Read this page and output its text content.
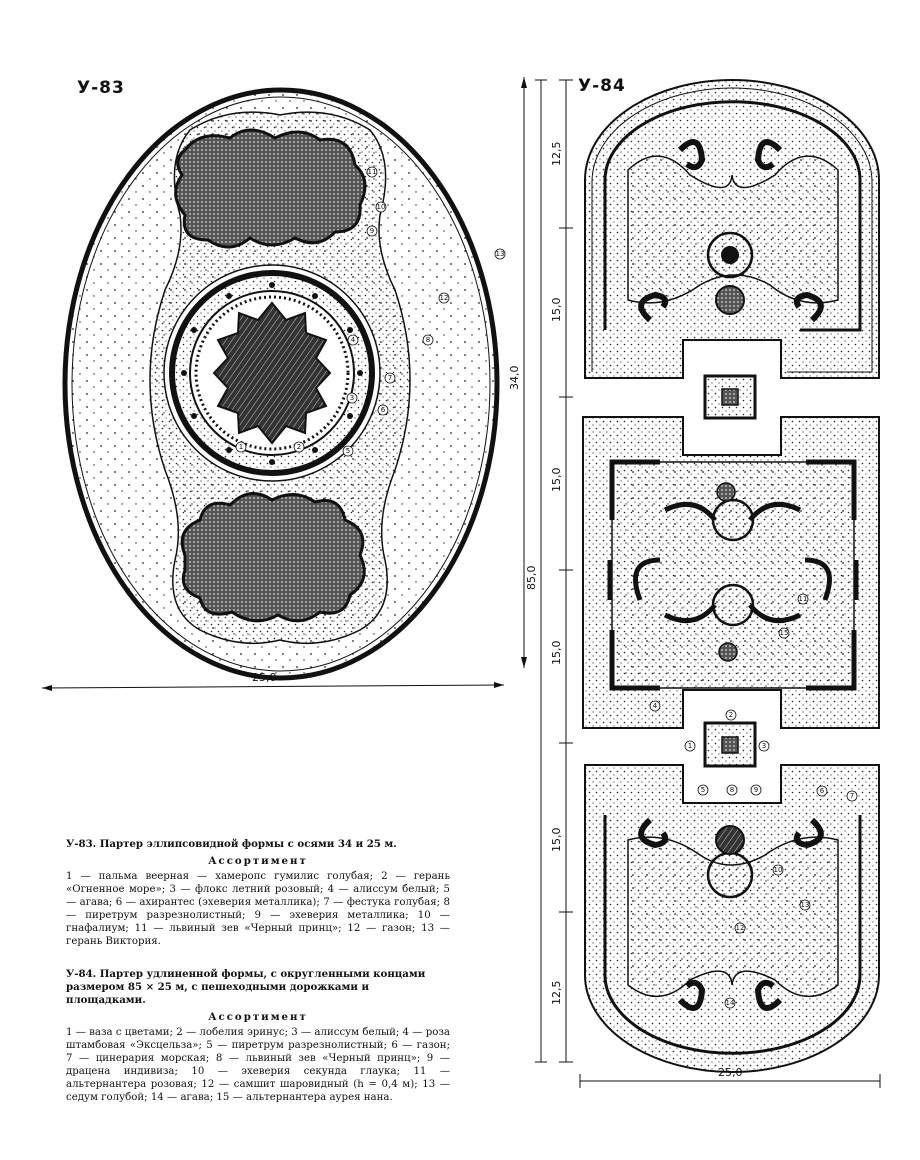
У-83	У-84
1	2
3
4
5
6
7
8
9
10
11
12
13
25,0
34,0
1
2
3
4
5	6
7
8	9
10
11
12
13
14
15
12,5
15,0
15,0
15,0
15,0
12,5
85,0
25,0
У-83. Партер эллипсовидной формы с осями 34 и 25 м.
Ассортимент
1 — пальма веерная — хамеропс гумилис голубая; 2 — герань «Огненное море»; 3 — флокс летний розовый; 4 — алиссум белый; 5 — агава; 6 — ахирантес (эхеверия металлика); 7 — фестука голубая; 8 — пиретрум разрезнолистный; 9 — эхеверия металлика; 10 — гнафалиум; 11 — львиный зев «Черный принц»; 12 — газон; 13 — герань Виктория.
У-84. Партер удлиненной формы, с округленными концами размером 85 × 25 м, с пешеходными дорожками и площадками.
Ассортимент
1 — ваза с цветами; 2 — лобелия эринус; 3 — алиссум белый; 4 — роза штамбовая «Эксцельза»; 5 — пиретрум разрезнолистный; 6 — газон; 7 — цинерария морская; 8 — львиный зев «Черный принц»; 9 — драцена индивиза; 10 — эхеверия секунда глаука; 11 — альтернантера розовая; 12 — самшит шаровидный (h = 0,4 м); 13 — седум голубой; 14 — агава; 15 — альтернантера аурея нана.
